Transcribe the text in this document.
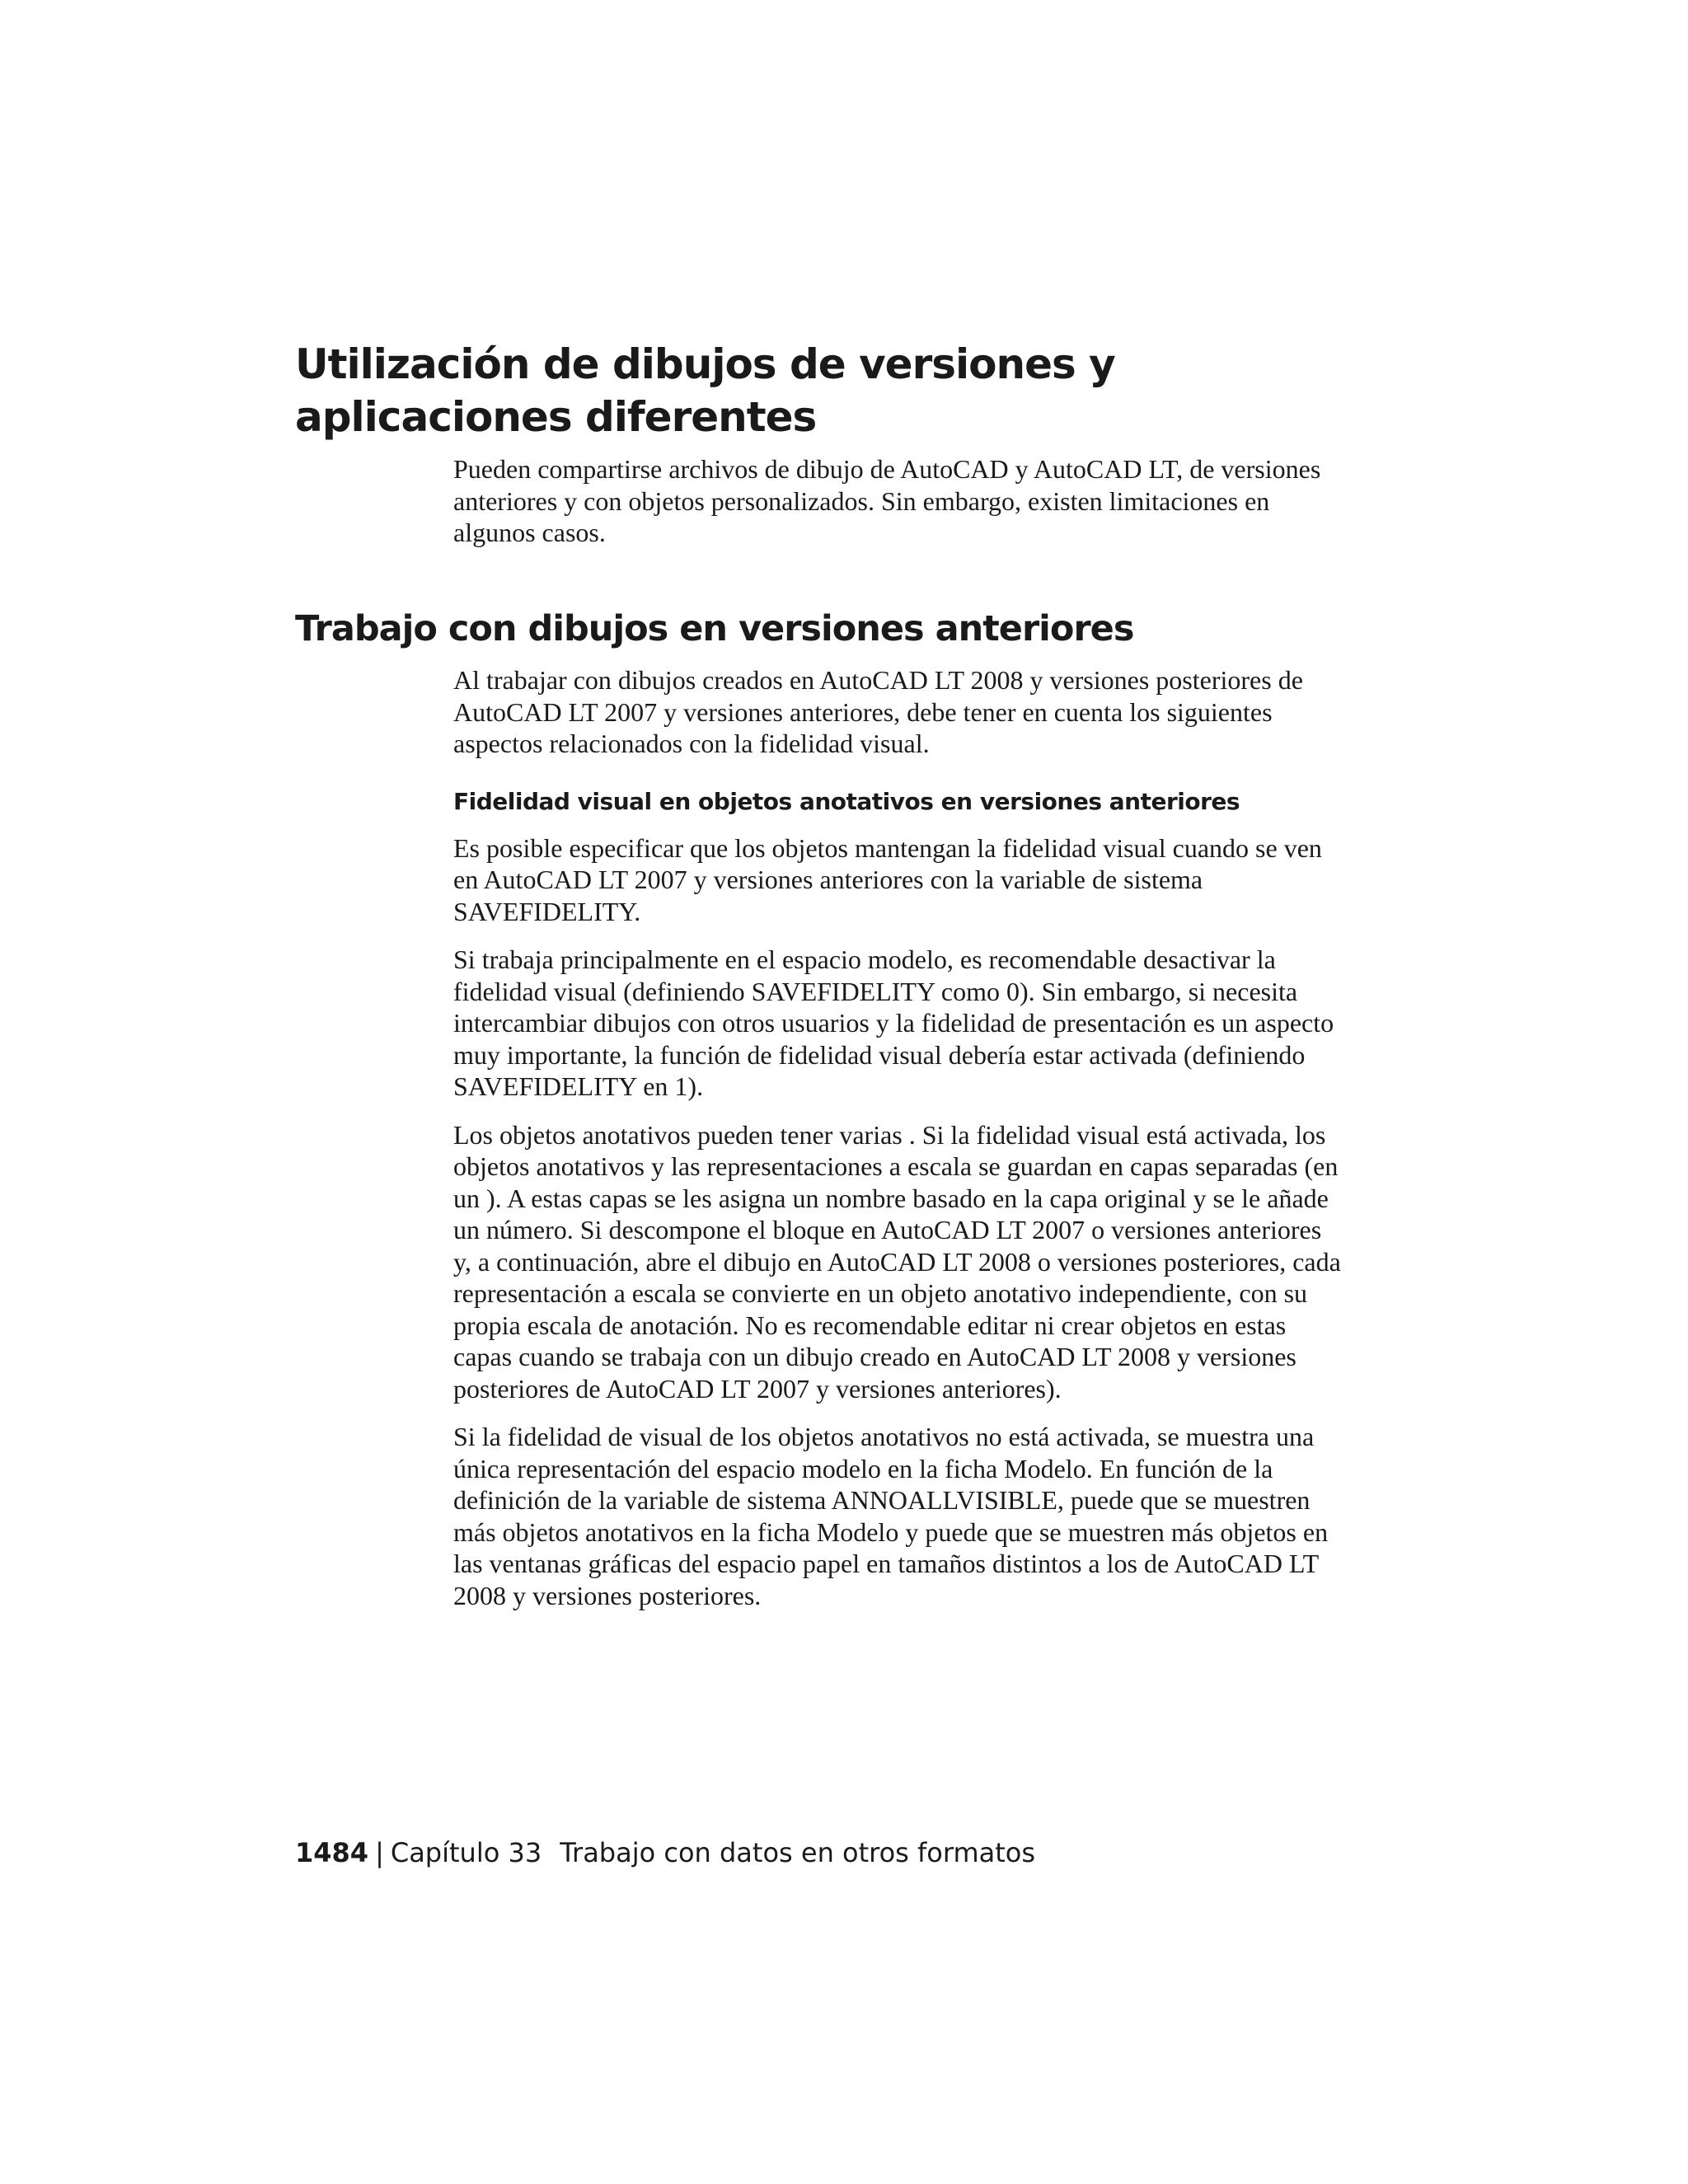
Utilización de dibujos de versiones y aplicaciones diferentes

Pueden compartirse archivos de dibujo de AutoCAD y AutoCAD LT, de versiones anteriores y con objetos personalizados. Sin embargo, existen limitaciones en algunos casos.

Trabajo con dibujos en versiones anteriores

Al trabajar con dibujos creados en AutoCAD LT 2008 y versiones posteriores de AutoCAD LT 2007 y versiones anteriores, debe tener en cuenta los siguientes aspectos relacionados con la fidelidad visual.

Fidelidad visual en objetos anotativos en versiones anteriores

Es posible especificar que los objetos mantengan la fidelidad visual cuando se ven en AutoCAD LT 2007 y versiones anteriores con la variable de sistema SAVEFIDELITY.

Si trabaja principalmente en el espacio modelo, es recomendable desactivar la fidelidad visual (definiendo SAVEFIDELITY como 0). Sin embargo, si necesita intercambiar dibujos con otros usuarios y la fidelidad de presentación es un aspecto muy importante, la función de fidelidad visual debería estar activada (definiendo SAVEFIDELITY en 1).

Los objetos anotativos pueden tener varias . Si la fidelidad visual está activada, los objetos anotativos y las representaciones a escala se guardan en capas separadas (en un ). A estas capas se les asigna un nombre basado en la capa original y se le añade un número. Si descompone el bloque en AutoCAD LT 2007 o versiones anteriores y, a continuación, abre el dibujo en AutoCAD LT 2008 o versiones posteriores, cada representación a escala se convierte en un objeto anotativo independiente, con su propia escala de anotación. No es recomendable editar ni crear objetos en estas capas cuando se trabaja con un dibujo creado en AutoCAD LT 2008 y versiones posteriores de AutoCAD LT 2007 y versiones anteriores).

Si la fidelidad de visual de los objetos anotativos no está activada, se muestra una única representación del espacio modelo en la ficha Modelo. En función de la definición de la variable de sistema ANNOALLVISIBLE, puede que se muestren más objetos anotativos en la ficha Modelo y puede que se muestren más objetos en las ventanas gráficas del espacio papel en tamaños distintos a los de AutoCAD LT 2008 y versiones posteriores.

1484 | Capítulo 33 Trabajo con datos en otros formatos
